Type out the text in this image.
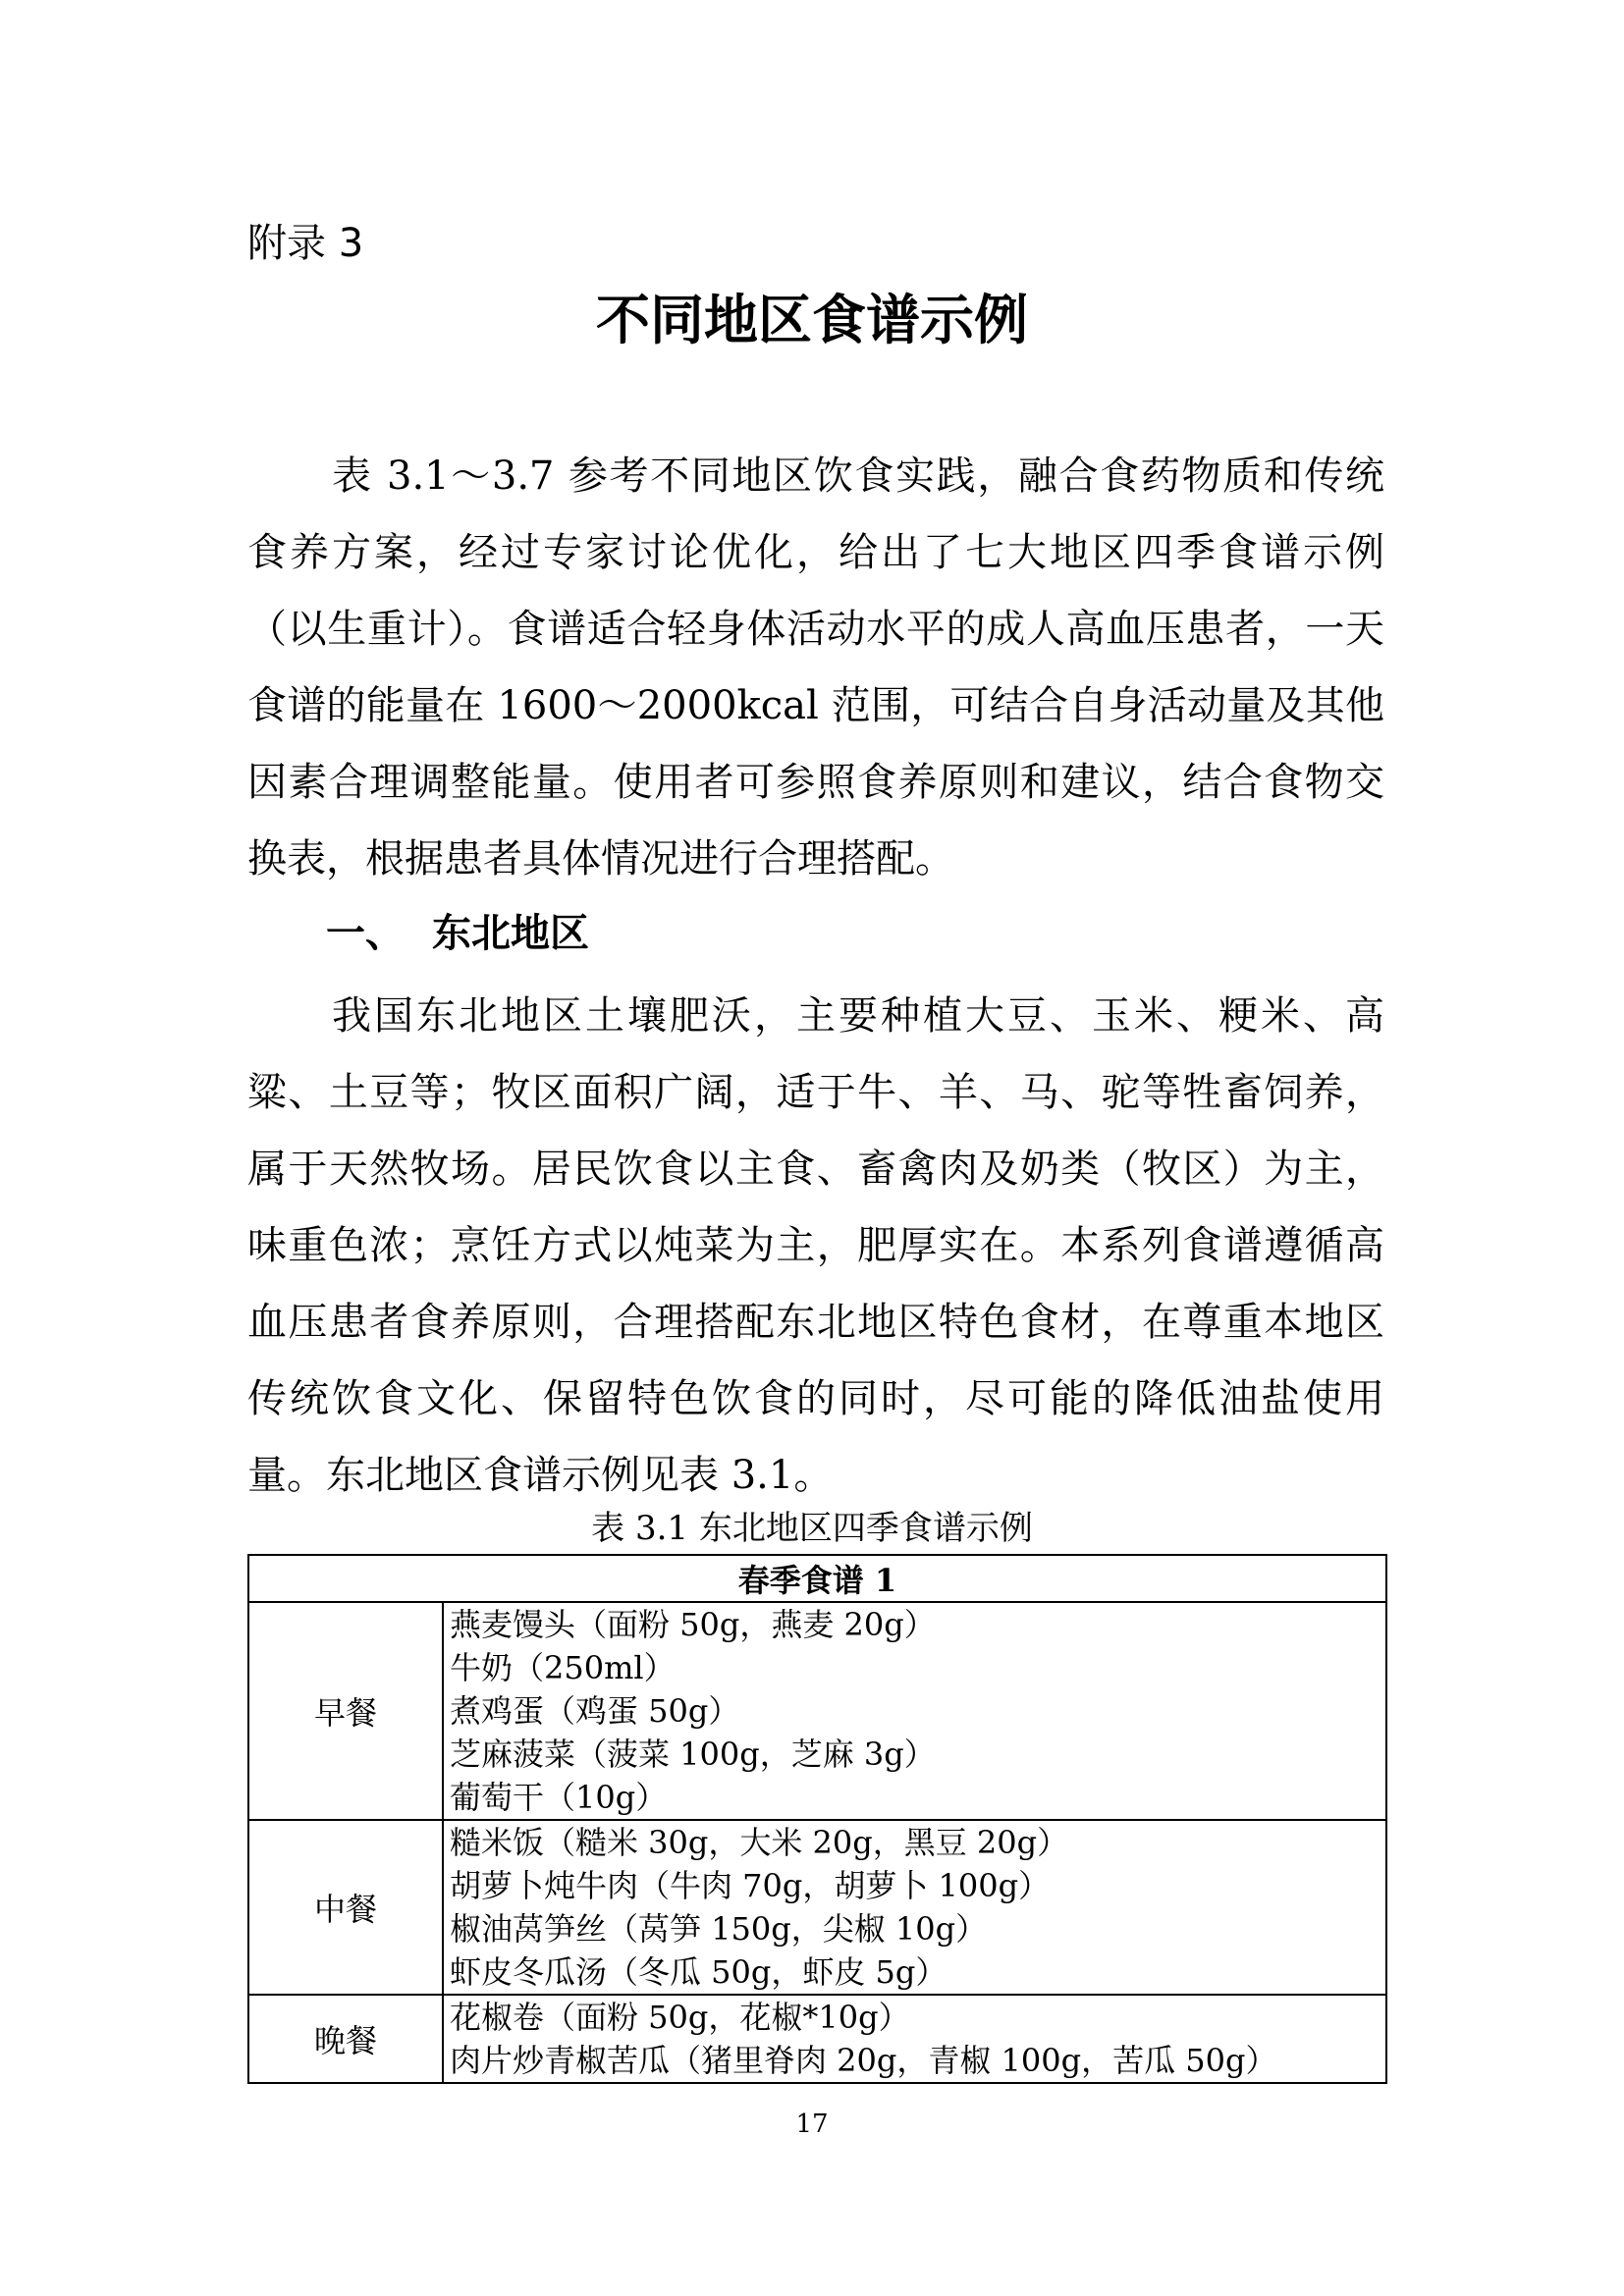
附录 3

不同地区食谱示例

表 3.1～3.7 参考不同地区饮食实践，融合食药物质和传统食养方案，经过专家讨论优化，给出了七大地区四季食谱示例（以生重计）。食谱适合轻身体活动水平的成人高血压患者，一天食谱的能量在 1600～2000kcal 范围，可结合自身活动量及其他因素合理调整能量。使用者可参照食养原则和建议，结合食物交换表，根据患者具体情况进行合理搭配。

一、 东北地区

我国东北地区土壤肥沃，主要种植大豆、玉米、粳米、高粱、土豆等；牧区面积广阔，适于牛、羊、马、驼等牲畜饲养，属于天然牧场。居民饮食以主食、畜禽肉及奶类（牧区）为主，味重色浓；烹饪方式以炖菜为主，肥厚实在。本系列食谱遵循高血压患者食养原则，合理搭配东北地区特色食材，在尊重本地区传统饮食文化、保留特色饮食的同时，尽可能的降低油盐使用量。东北地区食谱示例见表 3.1。

表 3.1 东北地区四季食谱示例

春季食谱 1	
早餐	燕麦馒头（面粉 50g，燕麦 20g）
牛奶（250ml）
煮鸡蛋（鸡蛋 50g）
芝麻菠菜（菠菜 100g，芝麻 3g）
葡萄干（10g）

中餐	糙米饭（糙米 30g，大米 20g，黑豆 20g）
胡萝卜炖牛肉（牛肉 70g，胡萝卜 100g）
椒油莴笋丝（莴笋 150g，尖椒 10g）
虾皮冬瓜汤（冬瓜 50g，虾皮 5g）

晚餐	花椒卷（面粉 50g，花椒*10g）
肉片炒青椒苦瓜（猪里脊肉 20g，青椒 100g，苦瓜 50g）

17
